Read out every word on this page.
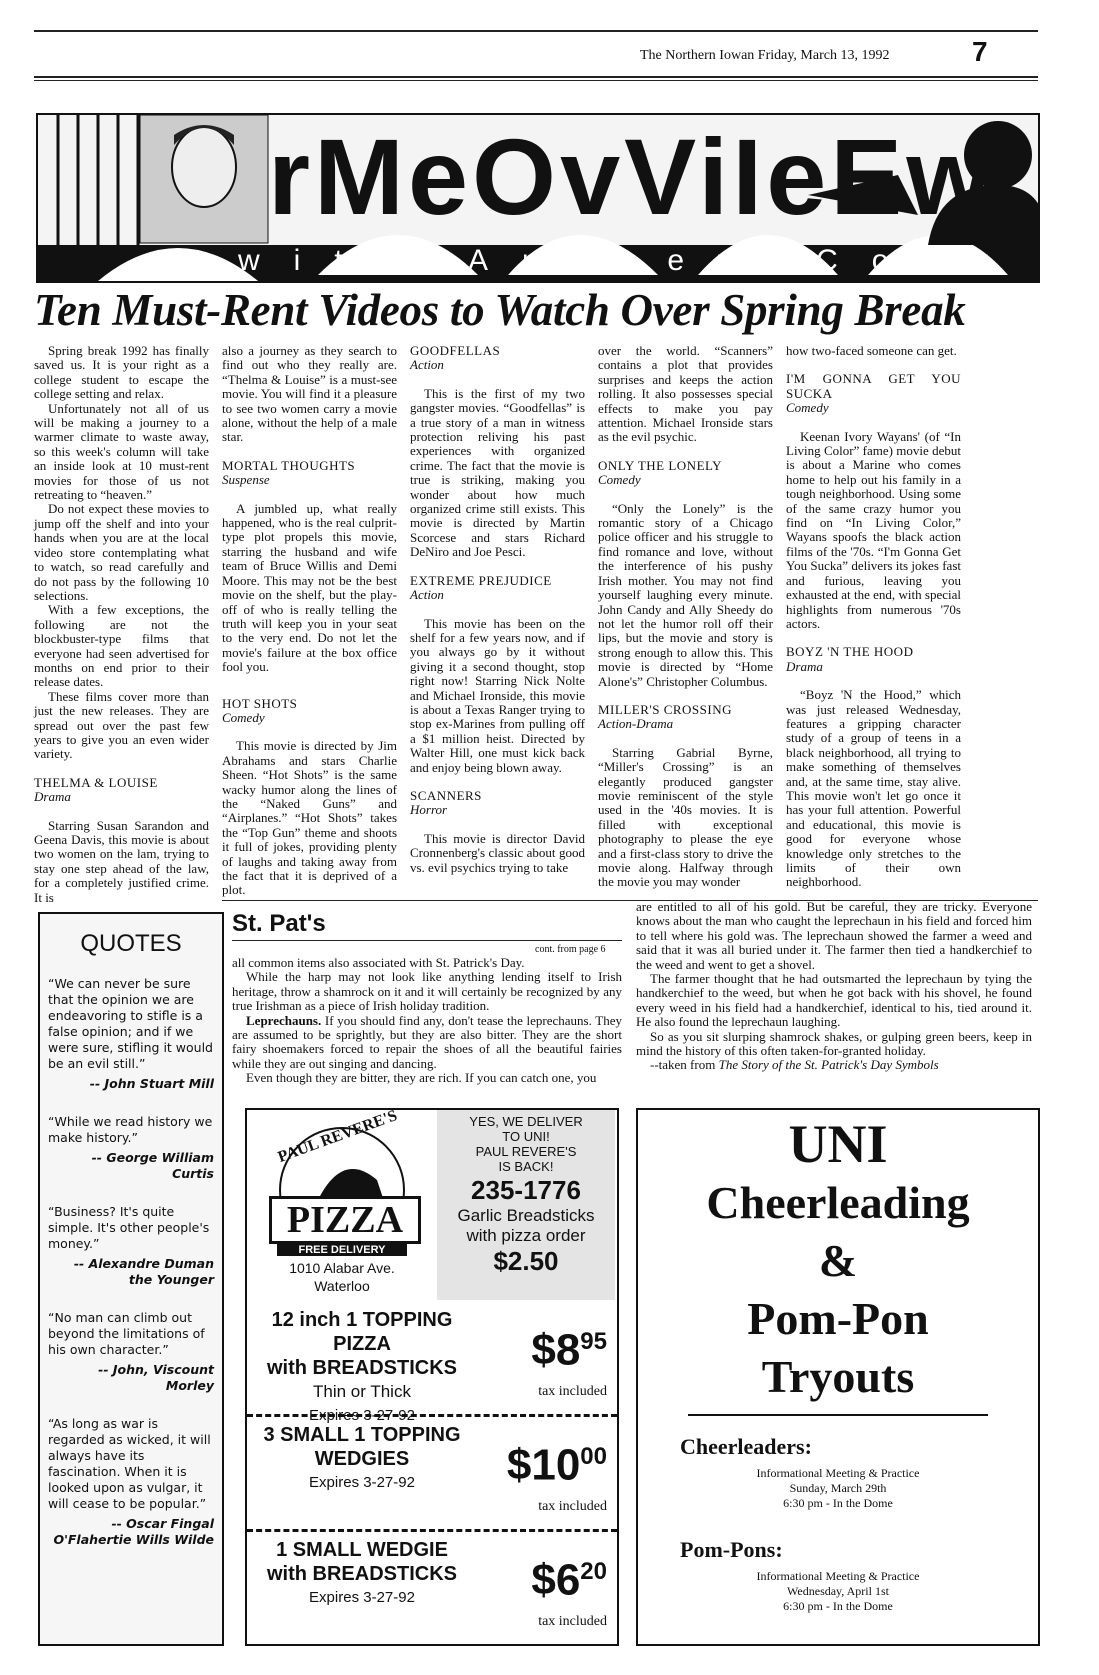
The Northern Iowan Friday, March 13, 1992	7
rMeOvViIeEw
with Andrew Cook
Ten Must-Rent Videos to Watch Over Spring Break

Spring break 1992 has finally saved us. It is your right as a college student to escape the college setting and relax.

Unfortunately not all of us will be making a journey to a warmer climate to waste away, so this week's column will take an inside look at 10 must-rent movies for those of us not retreating to “heaven.”

Do not expect these movies to jump off the shelf and into your hands when you are at the local video store contemplating what to watch, so read carefully and do not pass by the following 10 selections.

With a few exceptions, the following are not the blockbuster-type films that everyone had seen advertised for months on end prior to their release dates.

These films cover more than just the new releases. They are spread out over the past few years to give you an even wider variety.

THELMA & LOUISE
Drama

Starring Susan Sarandon and Geena Davis, this movie is about two women on the lam, trying to stay one step ahead of the law, for a completely justified crime. It is

also a journey as they search to find out who they really are. “Thelma & Louise” is a must-see movie. You will find it a pleasure to see two women carry a movie alone, without the help of a male star.

MORTAL THOUGHTS
Suspense

A jumbled up, what really happened, who is the real culprit-type plot propels this movie, starring the husband and wife team of Bruce Willis and Demi Moore. This may not be the best movie on the shelf, but the play-off of who is really telling the truth will keep you in your seat to the very end. Do not let the movie's failure at the box office fool you.

HOT SHOTS
Comedy

This movie is directed by Jim Abrahams and stars Charlie Sheen. “Hot Shots” is the same wacky humor along the lines of the “Naked Guns” and “Airplanes.” “Hot Shots” takes the “Top Gun” theme and shoots it full of jokes, providing plenty of laughs and taking away from the fact that it is deprived of a plot.

GOODFELLAS
Action

This is the first of my two gangster movies. “Goodfellas” is a true story of a man in witness protection reliving his past experiences with organized crime. The fact that the movie is true is striking, making you wonder about how much organized crime still exists. This movie is directed by Martin Scorcese and stars Richard DeNiro and Joe Pesci.

EXTREME PREJUDICE
Action

This movie has been on the shelf for a few years now, and if you always go by it without giving it a second thought, stop right now! Starring Nick Nolte and Michael Ironside, this movie is about a Texas Ranger trying to stop ex-Marines from pulling off a $1 million heist. Directed by Walter Hill, one must kick back and enjoy being blown away.

SCANNERS
Horror

This movie is director David Cronnenberg's classic about good vs. evil psychics trying to take

over the world. “Scanners” contains a plot that provides surprises and keeps the action rolling. It also possesses special effects to make you pay attention. Michael Ironside stars as the evil psychic.

ONLY THE LONELY
Comedy

“Only the Lonely” is the romantic story of a Chicago police officer and his struggle to find romance and love, without the interference of his pushy Irish mother. You may not find yourself laughing every minute. John Candy and Ally Sheedy do not let the humor roll off their lips, but the movie and story is strong enough to allow this. This movie is directed by “Home Alone's” Christopher Columbus.

MILLER'S CROSSING
Action-Drama

Starring Gabrial Byrne, “Miller's Crossing” is an elegantly produced gangster movie reminiscent of the style used in the '40s movies. It is filled with exceptional photography to please the eye and a first-class story to drive the movie along. Halfway through the movie you may wonder

how two-faced someone can get.

I'M GONNA GET YOU SUCKA
Comedy

Keenan Ivory Wayans' (of “In Living Color” fame) movie debut is about a Marine who comes home to help out his family in a tough neighborhood. Using some of the same crazy humor you find on “In Living Color,” Wayans spoofs the black action films of the '70s. “I'm Gonna Get You Sucka” delivers its jokes fast and furious, leaving you exhausted at the end, with special highlights from numerous '70s actors.

BOYZ 'N THE HOOD
Drama

“Boyz 'N the Hood,” which was just released Wednesday, features a gripping character study of a group of teens in a black neighborhood, all trying to make something of themselves and, at the same time, stay alive. This movie won't let go once it has your full attention. Powerful and educational, this movie is good for everyone whose knowledge only stretches to the limits of their own neighborhood.

QUOTES
“We can never be sure that the opinion we are endeavoring to stifle is a false opinion; and if we were sure, stifling it would be an evil still.”
-- John Stuart Mill
“While we read history we make history.”
-- George William Curtis
“Business? It's quite simple. It's other people's money.”
-- Alexandre Duman the Younger
“No man can climb out beyond the limitations of his own character.”
-- John, Viscount Morley
“As long as war is regarded as wicked, it will always have its fascination. When it is looked upon as vulgar, it will cease to be popular.”
-- Oscar Fingal O'Flahertie Wills Wilde
St. Pat's
cont. from page 6

all common items also associated with St. Patrick's Day.

While the harp may not look like anything lending itself to Irish heritage, throw a shamrock on it and it will certainly be recognized by any true Irishman as a piece of Irish holiday tradition.

Leprechauns. If you should find any, don't tease the leprechauns. They are assumed to be sprightly, but they are also bitter. They are the short fairy shoemakers forced to repair the shoes of all the beautiful fairies while they are out singing and dancing.

Even though they are bitter, they are rich. If you can catch one, you

are entitled to all of his gold. But be careful, they are tricky. Everyone knows about the man who caught the leprechaun in his field and forced him to tell where his gold was. The leprechaun showed the farmer a weed and said that it was all buried under it. The farmer then tied a handkerchief to the weed and went to get a shovel.

The farmer thought that he had outsmarted the leprechaun by tying the handkerchief to the weed, but when he got back with his shovel, he found every weed in his field had a handkerchief, identical to his, tied around it. He also found the leprechaun laughing.

So as you sit slurping shamrock shakes, or gulping green beers, keep in mind the history of this often taken-for-granted holiday.

--taken from The Story of the St. Patrick's Day Symbols

PAUL REVERE'S
PIZZA
FREE DELIVERY
1010 Alabar Ave.
Waterloo
YES, WE DELIVER
TO UNI!
PAUL REVERE'S
IS BACK!
235-1776
Garlic Breadsticks
with pizza order
$2.50
12 inch 1 TOPPING PIZZA
with BREADSTICKS
Thin or Thick
Expires 3-27-92
$\$8^{95}$
tax included
3 SMALL 1 TOPPING
WEDGIES
Expires 3-27-92	$\$10^{00}$
tax included
1 SMALL WEDGIE
with BREADSTICKS
Expires 3-27-92	$\$6^{20}$
tax included
UNI
Cheerleading
&
Pom-Pon
Tryouts
Cheerleaders:
Informational Meeting & Practice
Sunday, March 29th
6:30 pm - In the Dome
Pom-Pons:
Informational Meeting & Practice
Wednesday, April 1st
6:30 pm - In the Dome
